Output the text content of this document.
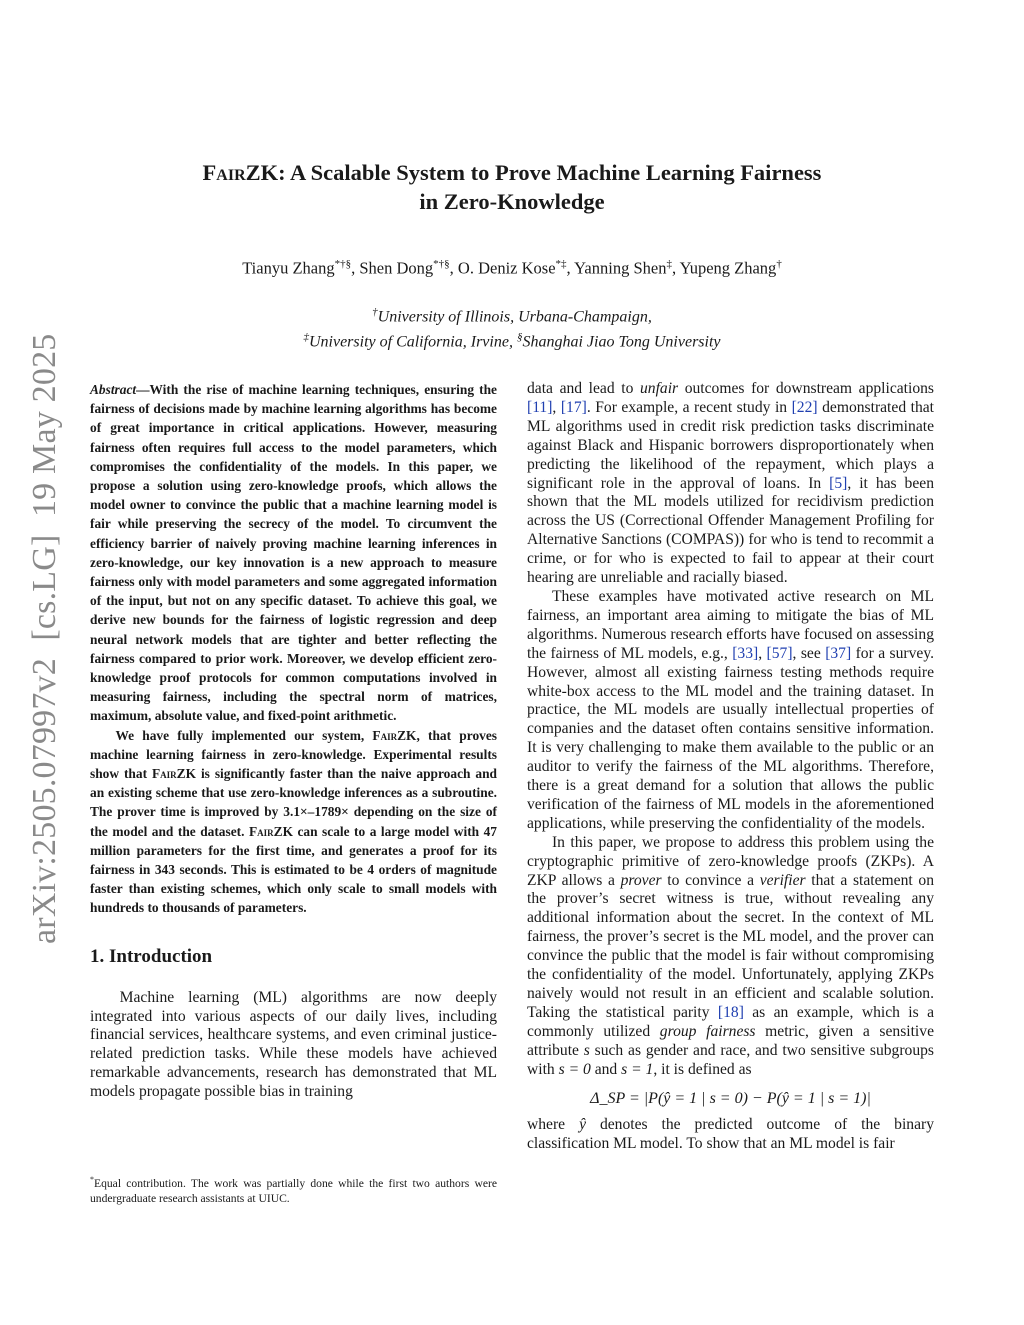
arXiv:2505.07997v2  [cs.LG]  19 May 2025
FairZK: A Scalable System to Prove Machine Learning Fairness
in Zero-Knowledge
Tianyu Zhang*†§, Shen Dong*†§, O. Deniz Kose*‡, Yanning Shen‡, Yupeng Zhang†
†University of Illinois, Urbana-Champaign,
‡University of California, Irvine, §Shanghai Jiao Tong University

Abstract—With the rise of machine learning techniques, ensuring the fairness of decisions made by machine learning algorithms has become of great importance in critical applications. However, measuring fairness often requires full access to the model parameters, which compromises the confidentiality of the models. In this paper, we propose a solution using zero-knowledge proofs, which allows the model owner to convince the public that a machine learning model is fair while preserving the secrecy of the model. To circumvent the efficiency barrier of naively proving machine learning inferences in zero-knowledge, our key innovation is a new approach to measure fairness only with model parameters and some aggregated information of the input, but not on any specific dataset. To achieve this goal, we derive new bounds for the fairness of logistic regression and deep neural network models that are tighter and better reflecting the fairness compared to prior work. Moreover, we develop efficient zero-knowledge proof protocols for common computations involved in measuring fairness, including the spectral norm of matrices, maximum, absolute value, and fixed-point arithmetic.

We have fully implemented our system, FairZK, that proves machine learning fairness in zero-knowledge. Experimental results show that FairZK is significantly faster than the naive approach and an existing scheme that use zero-knowledge inferences as a subroutine. The prover time is improved by 3.1×–1789× depending on the size of the model and the dataset. FairZK can scale to a large model with 47 million parameters for the first time, and generates a proof for its fairness in 343 seconds. This is estimated to be 4 orders of magnitude faster than existing schemes, which only scale to small models with hundreds to thousands of parameters.

1. Introduction

Machine learning (ML) algorithms are now deeply integrated into various aspects of our daily lives, including financial services, healthcare systems, and even criminal justice-related prediction tasks. While these models have achieved remarkable advancements, research has demonstrated that ML models propagate possible bias in training

*Equal contribution. The work was partially done while the first two authors were undergraduate research assistants at UIUC.

data and lead to unfair outcomes for downstream applications [11], [17]. For example, a recent study in [22] demonstrated that ML algorithms used in credit risk prediction tasks discriminate against Black and Hispanic borrowers disproportionately when predicting the likelihood of the repayment, which plays a significant role in the approval of loans. In [5], it has been shown that the ML models utilized for recidivism prediction across the US (Correctional Offender Management Profiling for Alternative Sanctions (COMPAS)) for who is tend to recommit a crime, or for who is expected to fail to appear at their court hearing are unreliable and racially biased.

These examples have motivated active research on ML fairness, an important area aiming to mitigate the bias of ML algorithms. Numerous research efforts have focused on assessing the fairness of ML models, e.g., [33], [57], see [37] for a survey. However, almost all existing fairness testing methods require white-box access to the ML model and the training dataset. In practice, the ML models are usually intellectual properties of companies and the dataset often contains sensitive information. It is very challenging to make them available to the public or an auditor to verify the fairness of the ML algorithms. Therefore, there is a great demand for a solution that allows the public verification of the fairness of ML models in the aforementioned applications, while preserving the confidentiality of the models.

In this paper, we propose to address this problem using the cryptographic primitive of zero-knowledge proofs (ZKPs). A ZKP allows a prover to convince a verifier that a statement on the prover’s secret witness is true, without revealing any additional information about the secret. In the context of ML fairness, the prover’s secret is the ML model, and the prover can convince the public that the model is fair without compromising the confidentiality of the model. Unfortunately, applying ZKPs naively would not result in an efficient and scalable solution. Taking the statistical parity [18] as an example, which is a commonly utilized group fairness metric, given a sensitive attribute s such as gender and race, and two sensitive subgroups with s = 0 and s = 1, it is defined as

Δ_SP = |P(ŷ = 1 | s = 0) − P(ŷ = 1 | s = 1)|

where ŷ denotes the predicted outcome of the binary classification ML model. To show that an ML model is fair
